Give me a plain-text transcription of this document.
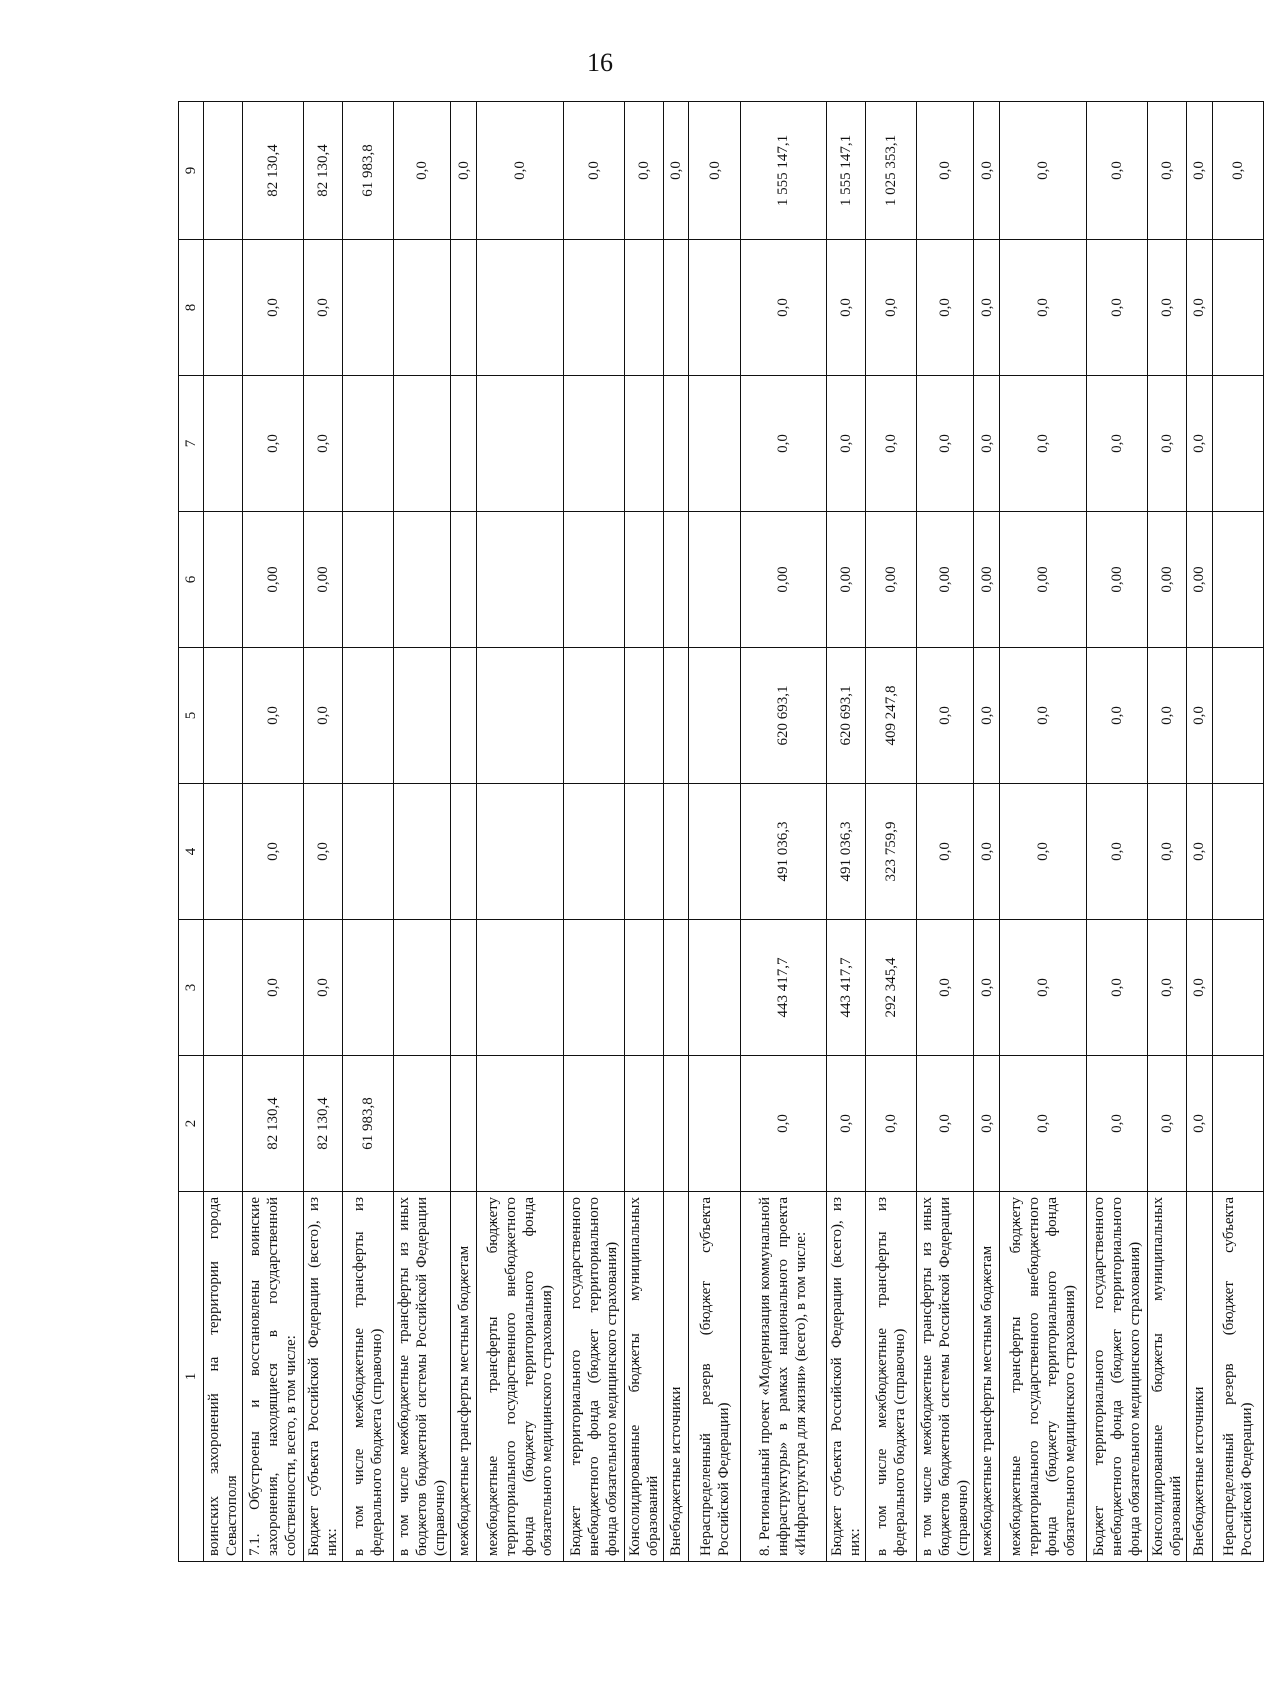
16
1	2	3	4	5	6	7	8	9
воинских захоронений на территории города Севастополя								
7.1. Обустроены и восстановлены воинские захоронения, находящиеся в государственной собственности, всего, в том числе:	82 130,4	0,0	0,0	0,0	0,00	0,0	0,0	82 130,4
Бюджет субъекта Российской Федерации (всего), из них:	82 130,4	0,0	0,0	0,0	0,00	0,0	0,0	82 130,4
в том числе межбюджетные трансферты из федерального бюджета (справочно)	61 983,8							61 983,8
в том числе межбюджетные трансферты из иных бюджетов бюджетной системы Российской Федерации (справочно)								0,0
межбюджетные трансферты местным бюджетам								0,0
межбюджетные трансферты бюджету территориального государственного внебюджетного фонда (бюджету территориального фонда обязательного медицинского страхования)								0,0
Бюджет территориального государственного внебюджетного фонда (бюджет территориального фонда обязательного медицинского страхования)								0,0
Консолидированные бюджеты муниципальных образований								0,0
Внебюджетные источники								0,0
Нераспределенный резерв (бюджет субъекта Российской Федерации)								0,0
8. Региональный проект «Модернизация коммунальной инфраструктуры» в рамках национального проекта «Инфраструктура для жизни» (всего), в том числе:	0,0	443 417,7	491 036,3	620 693,1	0,00	0,0	0,0	1 555 147,1
Бюджет субъекта Российской Федерации (всего), из них:	0,0	443 417,7	491 036,3	620 693,1	0,00	0,0	0,0	1 555 147,1
в том числе межбюджетные трансферты из федерального бюджета (справочно)	0,0	292 345,4	323 759,9	409 247,8	0,00	0,0	0,0	1 025 353,1
в том числе межбюджетные трансферты из иных бюджетов бюджетной системы Российской Федерации (справочно)	0,0	0,0	0,0	0,0	0,00	0,0	0,0	0,0
межбюджетные трансферты местным бюджетам	0,0	0,0	0,0	0,0	0,00	0,0	0,0	0,0
межбюджетные трансферты бюджету территориального государственного внебюджетного фонда (бюджету территориального фонда обязательного медицинского страхования)	0,0	0,0	0,0	0,0	0,00	0,0	0,0	0,0
Бюджет территориального государственного внебюджетного фонда (бюджет территориального фонда обязательного медицинского страхования)	0,0	0,0	0,0	0,0	0,00	0,0	0,0	0,0
Консолидированные бюджеты муниципальных образований	0,0	0,0	0,0	0,0	0,00	0,0	0,0	0,0
Внебюджетные источники	0,0	0,0	0,0	0,0	0,00	0,0	0,0	0,0
Нераспределенный резерв (бюджет субъекта Российской Федерации)								0,0
